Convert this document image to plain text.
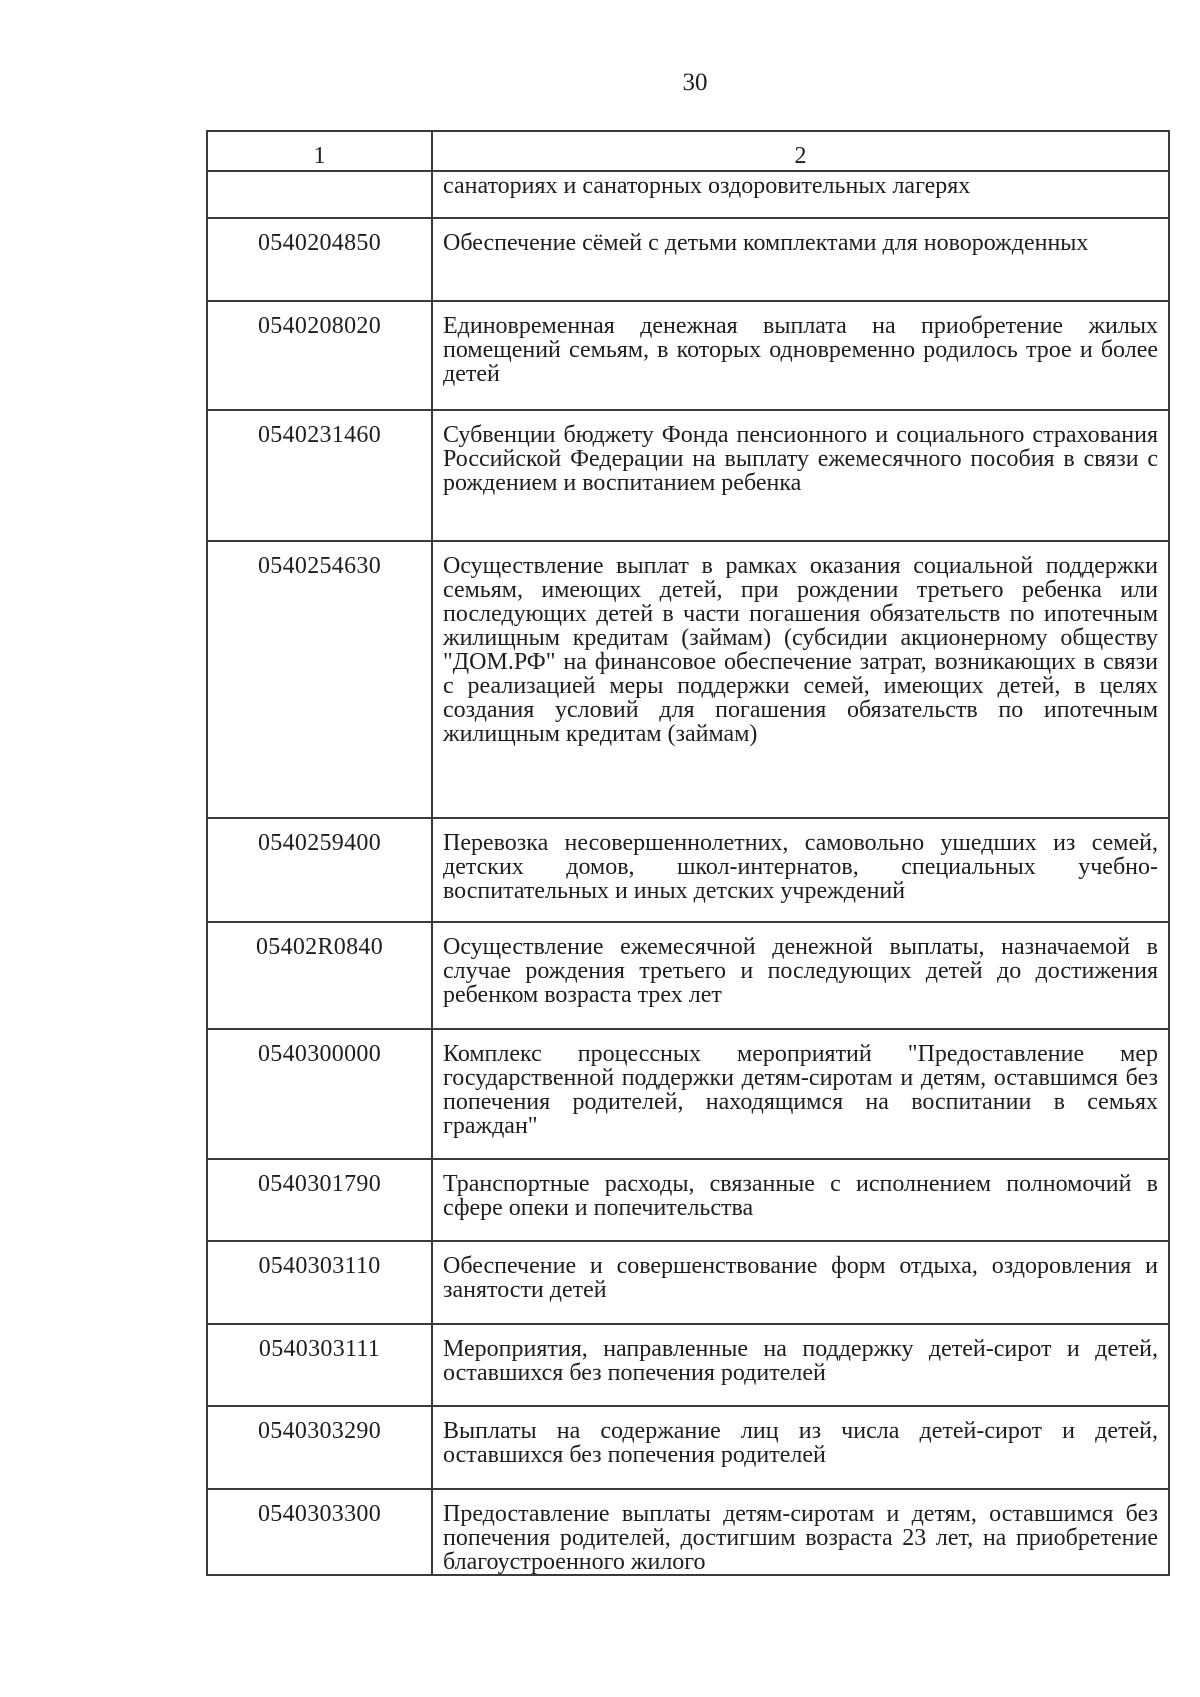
30
1	2
	санаториях и санаторных оздоровительных лагерях
0540204850	Обеспечение сёмей с детьми комплектами для новорожденных
0540208020	Единовременная денежная выплата на приобретение жилых помещений семьям, в которых одновременно родилось трое и более детей
0540231460	Субвенции бюджету Фонда пенсионного и социального страхования Российской Федерации на выплату ежемесячного пособия в связи с рождением и воспитанием ребенка
0540254630	Осуществление выплат в рамках оказания социальной поддержки семьям, имеющих детей, при рождении третьего ребенка или последующих детей в части погашения обязательств по ипотечным жилищным кредитам (займам) (субсидии акционерному обществу "ДОМ.РФ" на финансовое обеспечение затрат, возникающих в связи с реализацией меры поддержки семей, имеющих детей, в целях создания условий для погашения обязательств по ипотечным жилищным кредитам (займам)
0540259400	Перевозка несовершеннолетних, самовольно ушедших из семей, детских домов, школ-интернатов, специальных учебно-воспитательных и иных детских учреждений
05402R0840	Осуществление ежемесячной денежной выплаты, назначаемой в случае рождения третьего и последующих детей до достижения ребенком возраста трех лет
0540300000	Комплекс процессных мероприятий "Предоставление мер государственной поддержки детям-сиротам и детям, оставшимся без попечения родителей, находящимся на воспитании в семьях граждан"
0540301790	Транспортные расходы, связанные с исполнением полномочий в сфере опеки и попечительства
0540303110	Обеспечение и совершенствование форм отдыха, оздоровления и занятости детей
0540303111	Мероприятия, направленные на поддержку детей-сирот и детей, оставшихся без попечения родителей
0540303290	Выплаты на содержание лиц из числа детей-сирот и детей, оставшихся без попечения родителей
0540303300	Предоставление выплаты детям-сиротам и детям, оставшимся без попечения родителей, достигшим возраста 23 лет, на приобретение благоустроенного жилого
